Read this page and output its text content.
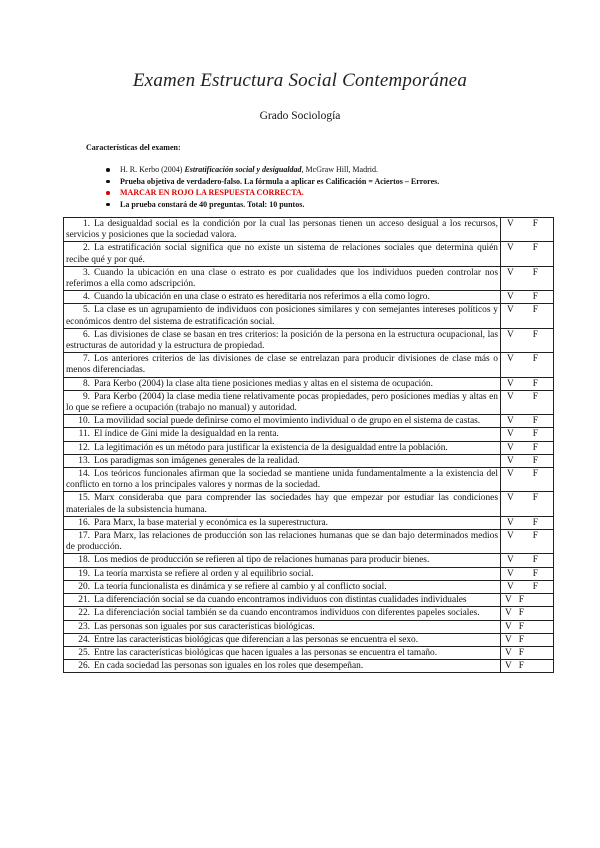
Examen Estructura Social Contemporánea
Grado Sociología
Características del examen:
H. R. Kerbo (2004) Estratificación social y desigualdad, McGraw Hill, Madrid.
Prueba objetiva de verdadero-falso. La fórmula a aplicar es Calificación = Aciertos – Errores.
MARCAR EN ROJO LA RESPUESTA CORRECTA.
La prueba constará de 40 preguntas. Total: 10 puntos.
1. La desigualdad social es la condición por la cual las personas tienen un acceso desigual a los recursos, servicios y posiciones que la sociedad valora.	V F
2. La estratificación social significa que no existe un sistema de relaciones sociales que determina quién recibe qué y por qué.	V F
3. Cuando la ubicación en una clase o estrato es por cualidades que los individuos pueden controlar nos referimos a ella como adscripción.	V F
4. Cuando la ubicación en una clase o estrato es hereditaria nos referimos a ella como logro.	V F
5. La clase es un agrupamiento de individuos con posiciones similares y con semejantes intereses políticos y económicos dentro del sistema de estratificación social.	V F
6. Las divisiones de clase se basan en tres criterios: la posición de la persona en la estructura ocupacional, las estructuras de autoridad y la estructura de propiedad.	V F
7. Los anteriores criterios de las divisiones de clase se entrelazan para producir divisiones de clase más o menos diferenciadas.	V F
8. Para Kerbo (2004) la clase alta tiene posiciones medias y altas en el sistema de ocupación.	V F
9. Para Kerbo (2004) la clase media tiene relativamente pocas propiedades, pero posiciones medias y altas en lo que se refiere a ocupación (trabajo no manual) y autoridad.	V F
10. La movilidad social puede definirse como el movimiento individual o de grupo en el sistema de castas.	V F
11. El índice de Gini mide la desigualdad en la renta.	V F
12. La legitimación es un método para justificar la existencia de la desigualdad entre la población.	V F
13. Los paradigmas son imágenes generales de la realidad.	V F
14. Los teóricos funcionales afirman que la sociedad se mantiene unida fundamentalmente a la existencia del conflicto en torno a los principales valores y normas de la sociedad.	V F
15. Marx consideraba que para comprender las sociedades hay que empezar por estudiar las condiciones materiales de la subsistencia humana.	V F
16. Para Marx, la base material y económica es la superestructura.	V F
17. Para Marx, las relaciones de producción son las relaciones humanas que se dan bajo determinados medios de producción.	V F
18. Los medios de producción se refieren al tipo de relaciones humanas para producir bienes.	V F
19. La teoría marxista se refiere al orden y al equilibrio social.	V F
20. La teoría funcionalista es dinámica y se refiere al cambio y al conflicto social.	V F
21. La diferenciación social se da cuando encontramos individuos con distintas cualidades individuales	V F
22. La diferenciación social también se da cuando encontramos individuos con diferentes papeles sociales.	V F
23. Las personas son iguales por sus características biológicas.	V F
24. Entre las características biológicas que diferencian a las personas se encuentra el sexo.	V F
25. Entre las características biológicas que hacen iguales a las personas se encuentra el tamaño.	V F
26. En cada sociedad las personas son iguales en los roles que desempeñan.	V F
